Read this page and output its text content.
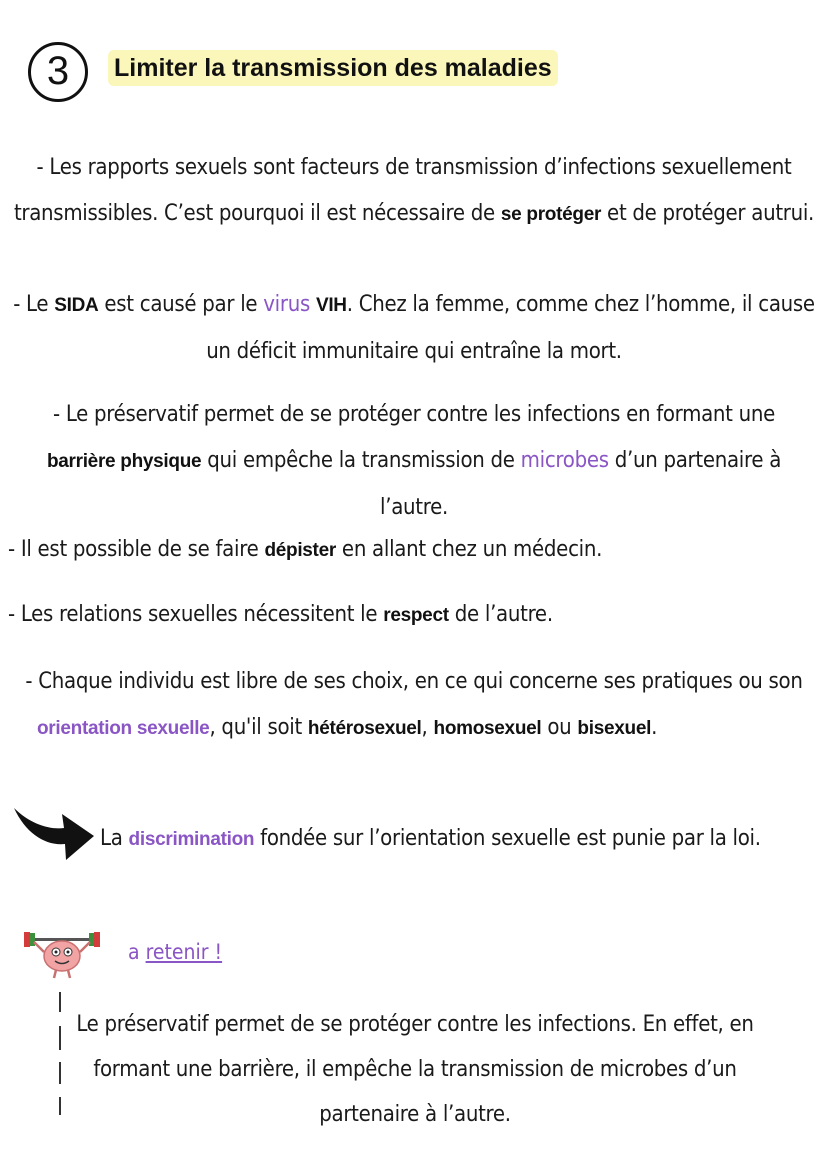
3	Limiter la transmission des maladies
- Les rapports sexuels sont facteurs de transmission d’infections sexuellement
transmissibles. C’est pourquoi il est nécessaire de se protéger et de protéger autrui.
- Le SIDA est causé par le virus VIH. Chez la femme, comme chez l’homme, il cause
un déficit immunitaire qui entraîne la mort.
- Le préservatif permet de se protéger contre les infections en formant une
barrière physique qui empêche la transmission de microbes d’un partenaire à
l’autre.
- Il est possible de se faire dépister en allant chez un médecin.
- Les relations sexuelles nécessitent le respect de l’autre.
- Chaque individu est libre de ses choix, en ce qui concerne ses pratiques ou son
orientation sexuelle, qu'il soit hétérosexuel, homosexuel ou bisexuel.
La discrimination fondée sur l’orientation sexuelle est punie par la loi.
a retenir !
Le préservatif permet de se protéger contre les infections. En effet, en
formant une barrière, il empêche la transmission de microbes d’un
partenaire à l’autre.
